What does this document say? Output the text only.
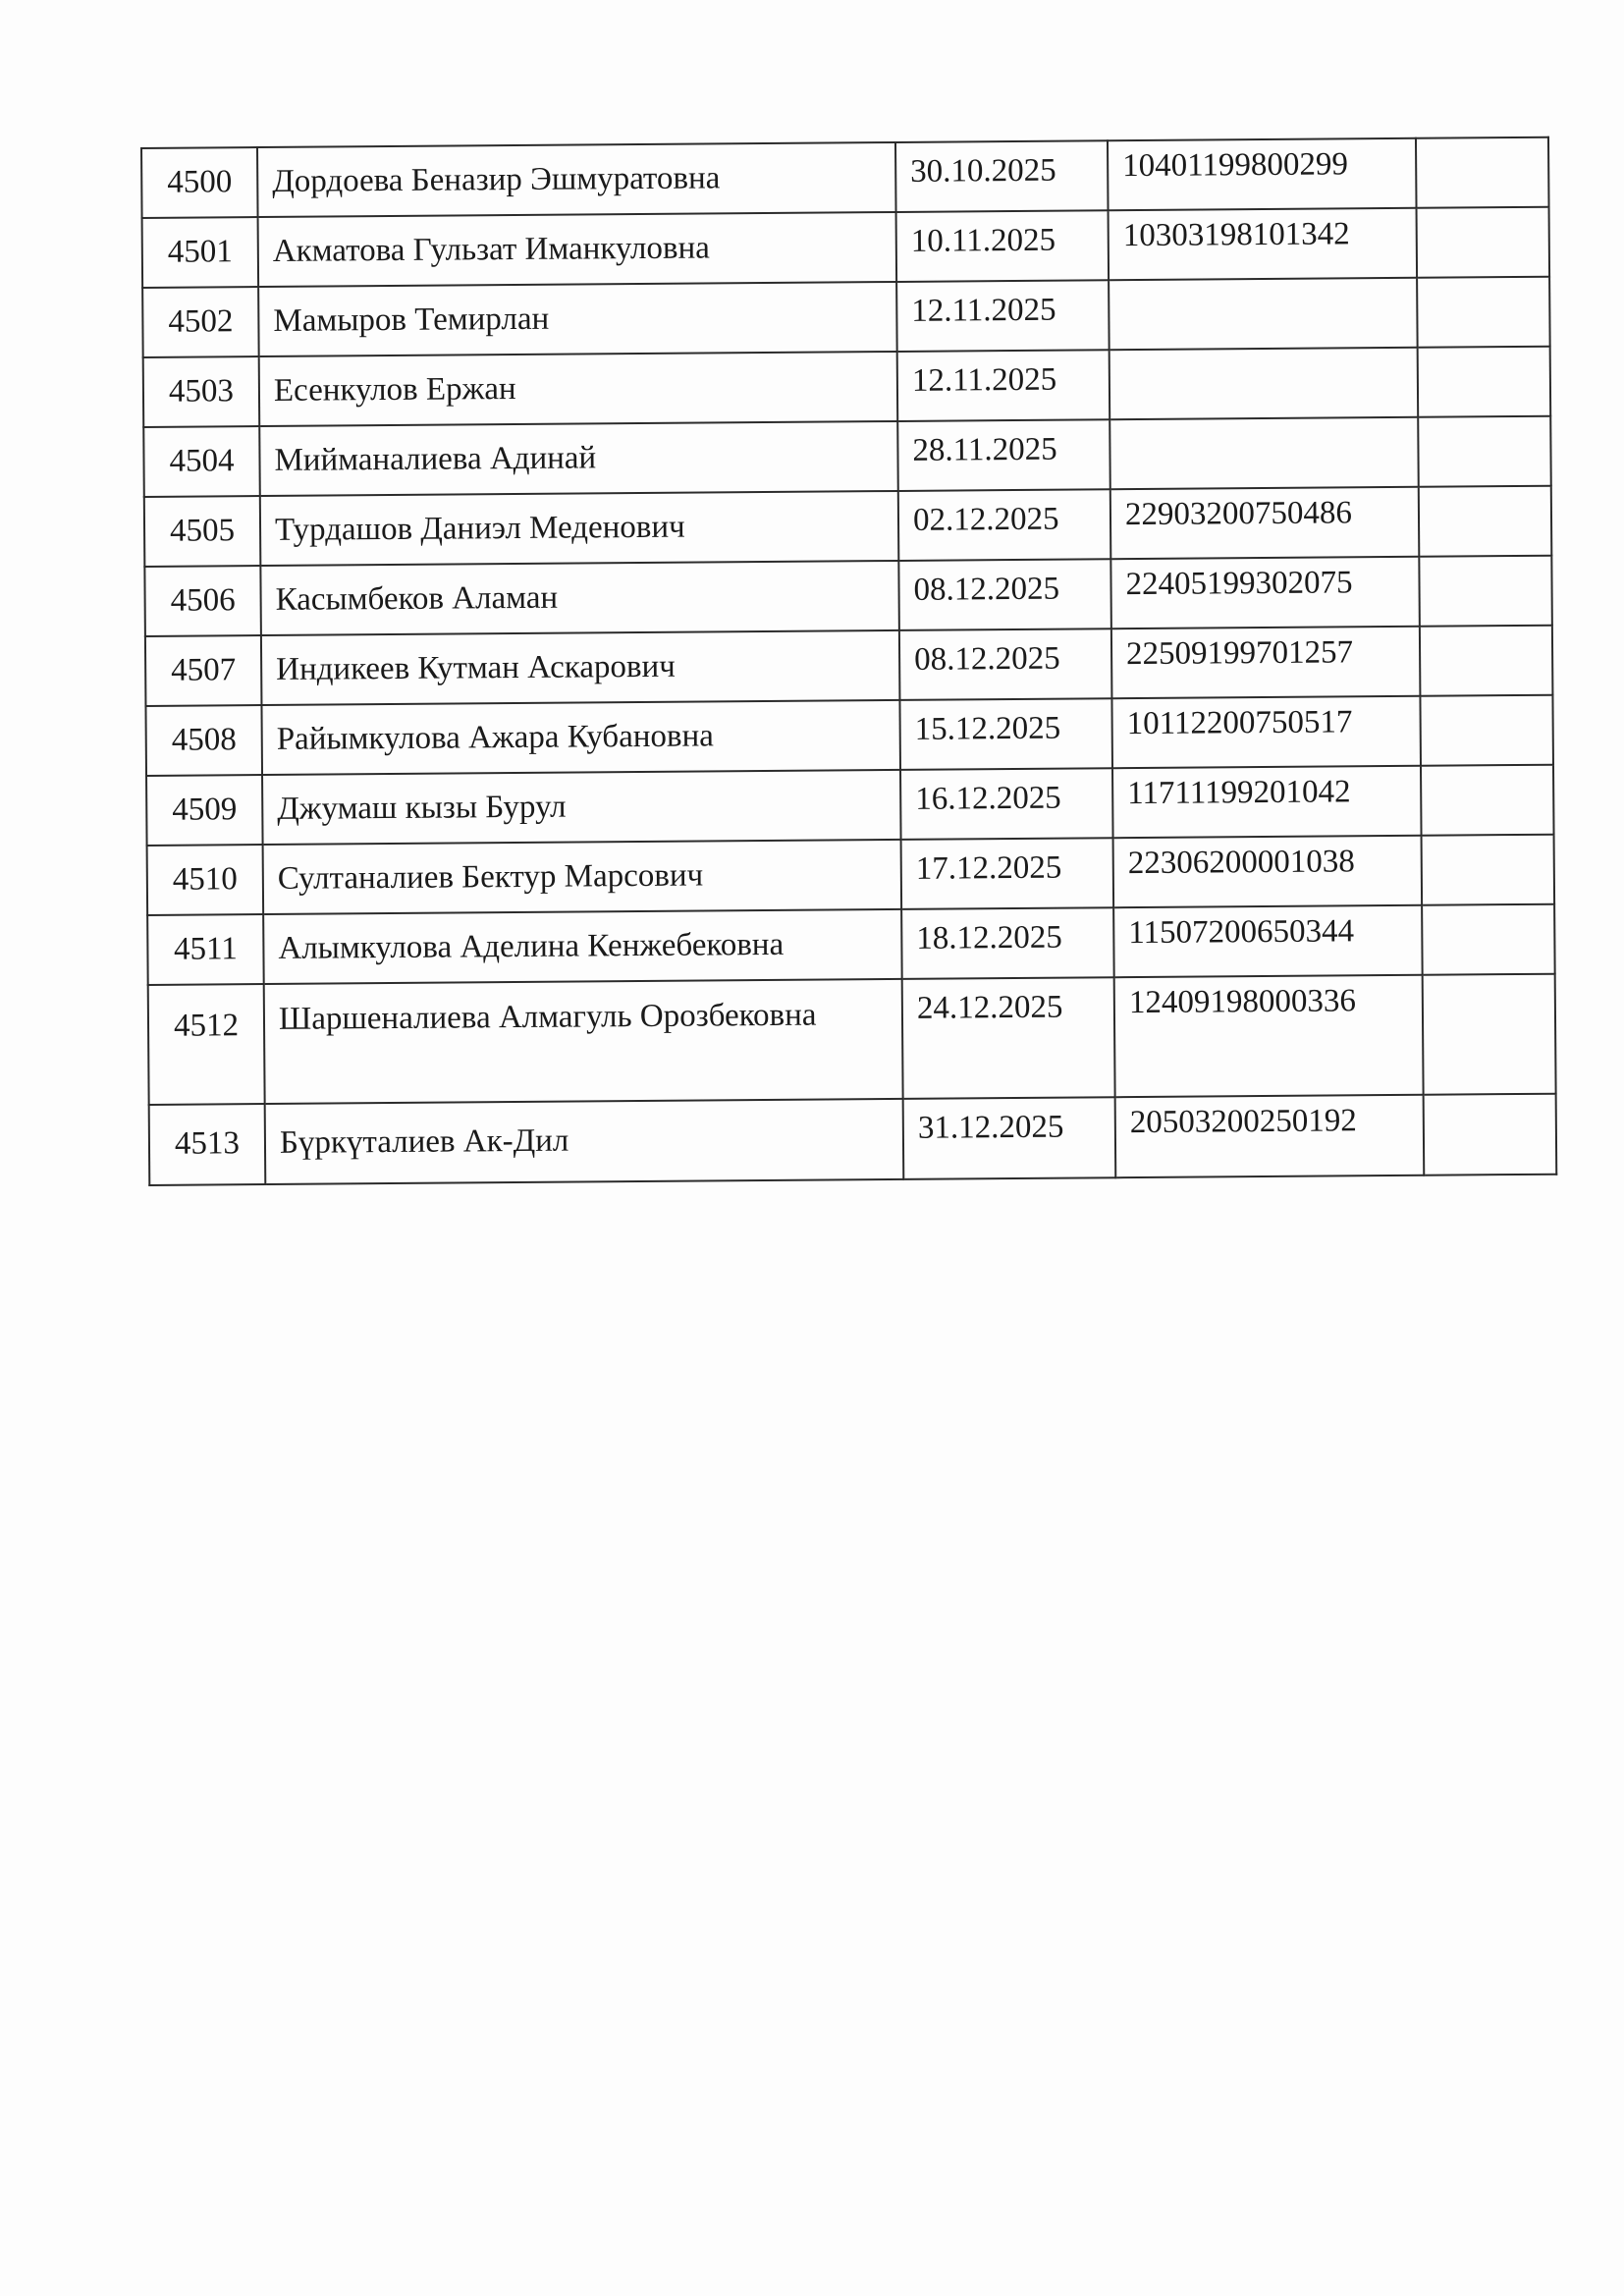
4500	Дордоева Беназир Эшмуратовна	30.10.2025	10401199800299	
4501	Акматова Гульзат Иманкуловна	10.11.2025	10303198101342	
4502	Мамыров Темирлан	12.11.2025		
4503	Есенкулов Ержан	12.11.2025		
4504	Мийманалиева Адинай	28.11.2025		
4505	Турдашов Даниэл Меденович	02.12.2025	22903200750486	
4506	Касымбеков Аламан	08.12.2025	22405199302075	
4507	Индикеев Кутман Аскарович	08.12.2025	22509199701257	
4508	Райымкулова Ажара Кубановна	15.12.2025	10112200750517	
4509	Джумаш кызы Бурул	16.12.2025	11711199201042	
4510	Султаналиев Бектур Марсович	17.12.2025	22306200001038	
4511	Алымкулова Аделина Кенжебековна	18.12.2025	11507200650344	
4512	Шаршеналиева Алмагуль Орозбековна	24.12.2025	12409198000336	
4513	Бүркүталиев Ак-Дил	31.12.2025	20503200250192	
